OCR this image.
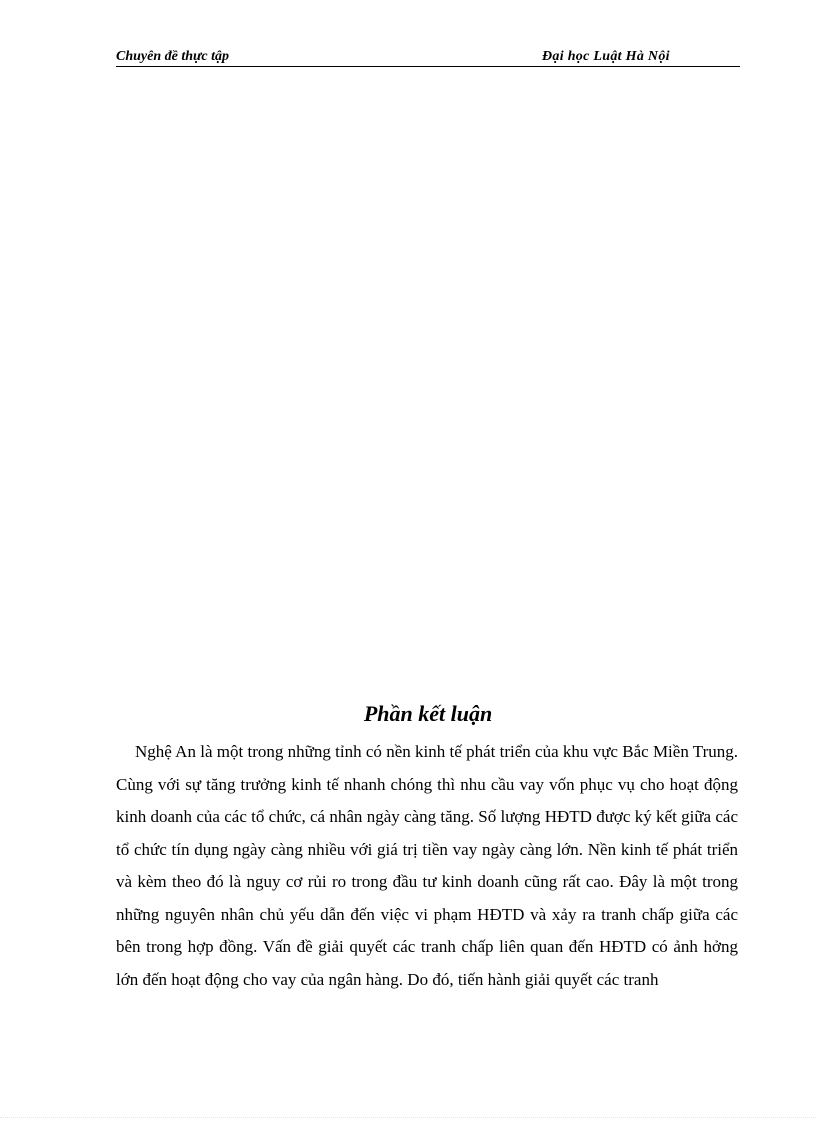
Chuyên đề thực tập	Đại học Luật Hà Nội
Phần kết luận

Nghệ An là một trong những tỉnh có nền kinh tế phát triển của khu vực Bắc Miền Trung. Cùng với sự tăng trưởng kinh tế nhanh chóng thì nhu cầu vay vốn phục vụ cho hoạt động kinh doanh của các tổ chức, cá nhân ngày càng tăng. Số lượng HĐTD được ký kết giữa các tổ chức tín dụng ngày càng nhiều với giá trị tiền vay ngày càng lớn. Nền kinh tế phát triển và kèm theo đó là nguy cơ rủi ro trong đầu tư kinh doanh cũng rất cao. Đây là một trong những nguyên nhân chủ yếu dẫn đến việc vi phạm HĐTD và xảy ra tranh chấp giữa các bên trong hợp đồng. Vấn đề giải quyết các tranh chấp liên quan đến HĐTD có ảnh hởng lớn đến hoạt động cho vay của ngân hàng. Do đó, tiến hành giải quyết các tranh
